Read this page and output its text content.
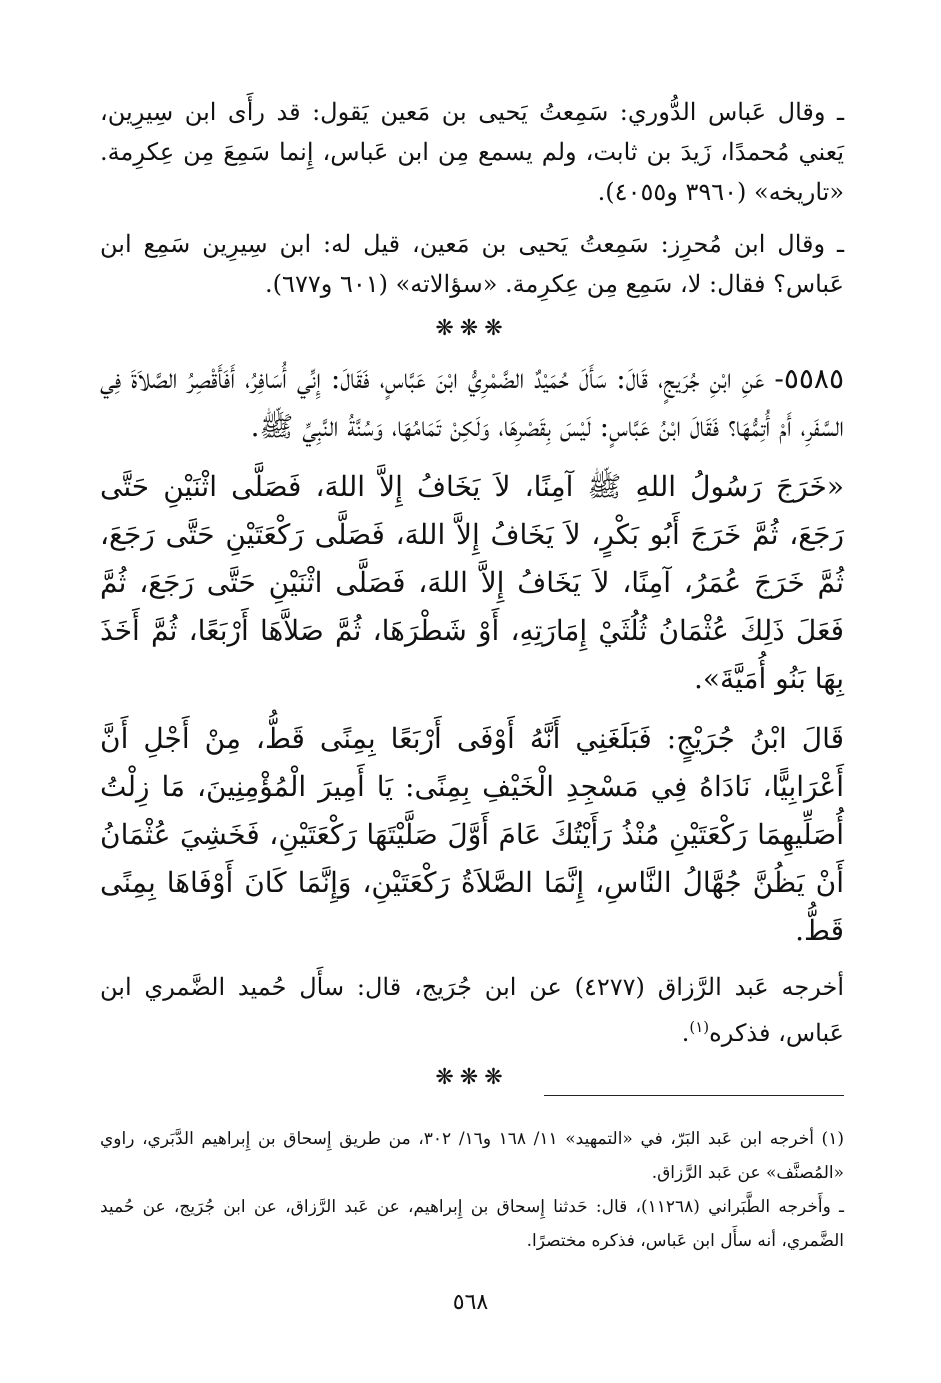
ـ وقال عَباس الدُّوري: سَمِعتُ يَحيى بن مَعين يَقول: قد رأَى ابن سِيرِين، يَعني مُحمدًا، زَيدَ بن ثابت، ولم يسمع مِن ابن عَباس، إِنما سَمِعَ مِن عِكرِمة. «تاريخه» (٣٩٦٠ و٤٠٥٥).

ـ وقال ابن مُحرِز: سَمِعتُ يَحيى بن مَعين، قيل له: ابن سِيرِين سَمِع ابن عَباس؟ فقال: لا، سَمِع مِن عِكرِمة. «سؤالاته» (٦٠١ و٦٧٧).

❋❋❋

٥٥٨٥- عَنِ ابْنِ جُرَيجٍ، قَالَ: سَأَلَ حُمَيْدٌ الضَّمْرِيُّ ابْنَ عَبَّاسٍ، فَقَالَ: إِنِّي أُسَافِرُ، أَفَأَقْصِرُ الصَّلاَةَ فِي السَّفَرِ، أَمْ أُتِمُّهَا؟ فَقَالَ ابْنُ عَبَّاسٍ: لَيْسَ بِقَصْرِهَا، وَلَكِنْ تَمَامُهَا، وَسُنَّةُ النَّبِيِّ ﷺ.

«خَرَجَ رَسُولُ اللهِ ﷺ آمِنًا، لاَ يَخَافُ إِلاَّ اللهَ، فَصَلَّى اثْنَيْنِ حَتَّى رَجَعَ، ثُمَّ خَرَجَ أَبُو بَكْرٍ، لاَ يَخَافُ إِلاَّ اللهَ، فَصَلَّى رَكْعَتَيْنِ حَتَّى رَجَعَ، ثُمَّ خَرَجَ عُمَرُ، آمِنًا، لاَ يَخَافُ إِلاَّ اللهَ، فَصَلَّى اثْنَيْنِ حَتَّى رَجَعَ، ثُمَّ فَعَلَ ذَلِكَ عُثْمَانُ ثُلُثَيْ إِمَارَتِهِ، أَوْ شَطْرَهَا، ثُمَّ صَلاَّهَا أَرْبَعًا، ثُمَّ أَخَذَ بِهَا بَنُو أُمَيَّةَ».

قَالَ ابْنُ جُرَيْجٍ: فَبَلَغَنِي أَنَّهُ أَوْفَى أَرْبَعًا بِمِنًى قَطُّ، مِنْ أَجْلِ أَنَّ أَعْرَابِيًّا، نَادَاهُ فِي مَسْجِدِ الْخَيْفِ بِمِنًى: يَا أَمِيرَ الْمُؤْمِنِينَ، مَا زِلْتُ أُصَلِّيهِمَا رَكْعَتَيْنِ مُنْذُ رَأَيْتُكَ عَامَ أَوَّلَ صَلَّيْتَهَا رَكْعَتَيْنِ، فَخَشِيَ عُثْمَانُ أَنْ يَظُنَّ جُهَّالُ النَّاسِ، إِنَّمَا الصَّلاَةُ رَكْعَتَيْنِ، وَإِنَّمَا كَانَ أَوْفَاهَا بِمِنًى قَطُّ.

أخرجه عَبد الرَّزاق (٤٢٧٧) عن ابن جُرَيج، قال: سأَل حُميد الضَّمري ابن عَباس، فذكره$^{(١)}$.

❋❋❋

(١) أخرجه ابن عَبد البَرّ، في «التمهيد» ١١/ ١٦٨ و١٦/ ٣٠٢، من طريق إِسحاق بن إِبراهيم الدَّبَري، راوي «المُصنَّف» عن عَبد الرَّزاق.

ـ وأَخرجه الطَّبَراني (١١٢٦٨)، قال: حَدثنا إِسحاق بن إِبراهيم، عن عَبد الرَّزاق، عن ابن جُرَيج، عن حُميد الضَّمري، أنه سأَل ابن عَباس، فذكره مختصرًا.

٥٦٨
